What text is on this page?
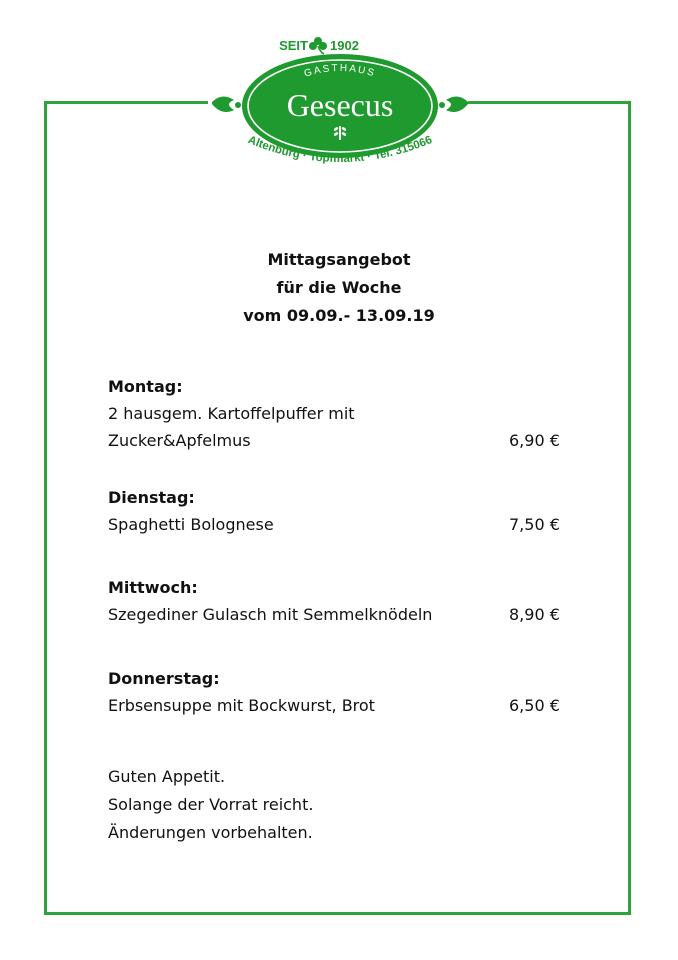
SEIT 1902
GASTHAUS
Gesecus
Altenburg · Topfmarkt · Tel. 315066
Mittagsangebot
für die Woche
vom 09.09.- 13.09.19
Montag:
2 hausgem. Kartoffelpuffer mit
Zucker&Apfelmus	6,90 €
Dienstag:
Spaghetti Bolognese	7,50 €
Mittwoch:
Szegediner Gulasch mit Semmelknödeln	8,90 €
Donnerstag:
Erbsensuppe mit Bockwurst, Brot	6,50 €
Guten Appetit.
Solange der Vorrat reicht.
Änderungen vorbehalten.
